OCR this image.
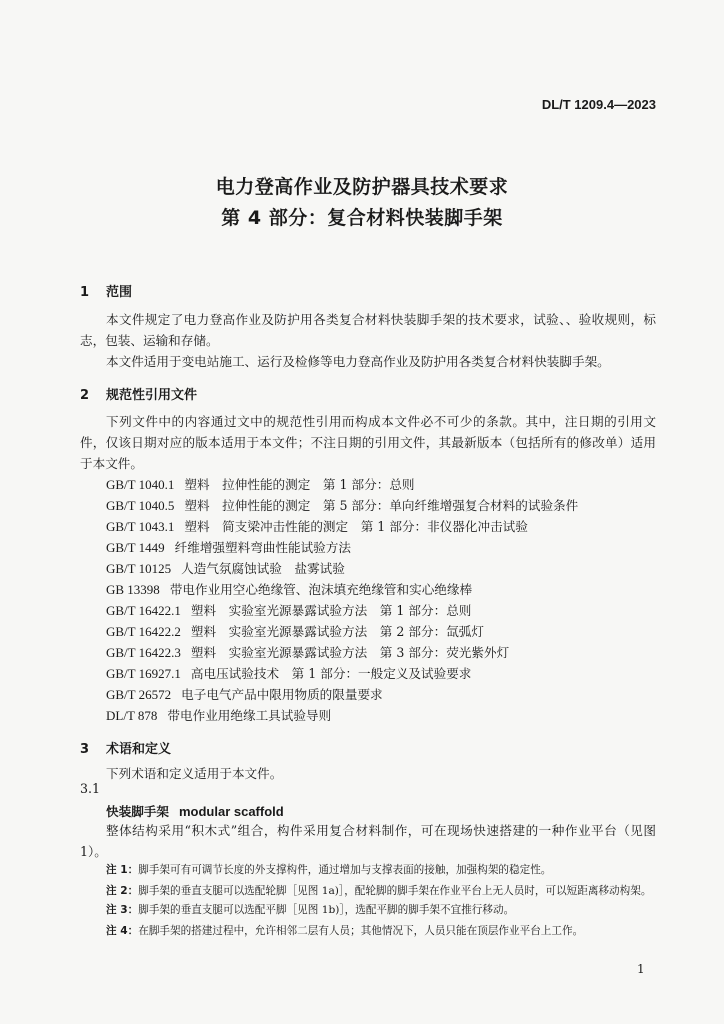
DL/T 1209.4—2023
电力登高作业及防护器具技术要求
第 4 部分：复合材料快装脚手架
1 范围
本文件规定了电力登高作业及防护用各类复合材料快装脚手架的技术要求，试验、、验收规则，标志，包装、运输和存储。
本文件适用于变电站施工、运行及检修等电力登高作业及防护用各类复合材料快装脚手架。
2 规范性引用文件
下列文件中的内容通过文中的规范性引用而构成本文件必不可少的条款。其中，注日期的引用文件，仅该日期对应的版本适用于本文件；不注日期的引用文件，其最新版本（包括所有的修改单）适用于本文件。
GB/T 1040.1 塑料　拉伸性能的测定　第 1 部分：总则
GB/T 1040.5 塑料　拉伸性能的测定　第 5 部分：单向纤维增强复合材料的试验条件
GB/T 1043.1 塑料　简支梁冲击性能的测定　第 1 部分：非仪器化冲击试验
GB/T 1449 纤维增强塑料弯曲性能试验方法
GB/T 10125 人造气氛腐蚀试验　盐雾试验
GB 13398 带电作业用空心绝缘管、泡沫填充绝缘管和实心绝缘棒
GB/T 16422.1 塑料　实验室光源暴露试验方法　第 1 部分：总则
GB/T 16422.2 塑料　实验室光源暴露试验方法　第 2 部分：氙弧灯
GB/T 16422.3 塑料　实验室光源暴露试验方法　第 3 部分：荧光紫外灯
GB/T 16927.1 高电压试验技术　第 1 部分：一般定义及试验要求
GB/T 26572 电子电气产品中限用物质的限量要求
DL/T 878 带电作业用绝缘工具试验导则
3 术语和定义
下列术语和定义适用于本文件。
3.1
快装脚手架 modular scaffold
整体结构采用“积木式”组合，构件采用复合材料制作，可在现场快速搭建的一种作业平台（见图 1）。
注 1：脚手架可有可调节长度的外支撑构件，通过增加与支撑表面的接触，加强构架的稳定性。
注 2：脚手架的垂直支腿可以选配轮脚［见图 1a)］，配轮脚的脚手架在作业平台上无人员时，可以短距离移动构架。
注 3：脚手架的垂直支腿可以选配平脚［见图 1b)］，选配平脚的脚手架不宜推行移动。
注 4：在脚手架的搭建过程中，允许相邻二层有人员；其他情况下，人员只能在顶层作业平台上工作。
1
